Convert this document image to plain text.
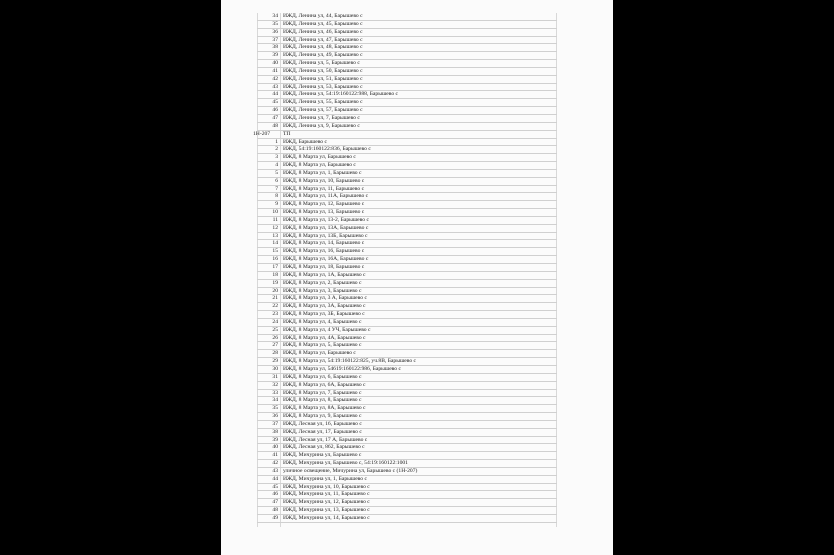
34 ИЖД, Ленина ул, 44, Барышево с
35 ИЖД, Ленина ул, 45, Барышево с
36 ИЖД, Ленина ул, 46, Барышево с
37 ИЖД, Ленина ул, 47, Барышево с
38 ИЖД, Ленина ул, 48, Барышево с
39 ИЖД, Ленина ул, 49, Барышево с
40 ИЖД, Ленина ул, 5, Барышево с
41 ИЖД, Ленина ул, 50, Барышево с
42 ИЖД, Ленина ул, 51, Барышево с
43 ИЖД, Ленина ул, 53, Барышево с
44 ИЖД, Ленина ул, 54:19:160122:988, Барышево с
45 ИЖД, Ленина ул, 55, Барышево с
46 ИЖД, Ленина ул, 57, Барышево с
47 ИЖД, Ленина ул, 7, Барышево с
48 ИЖД, Ленина ул, 9, Барышево с
1H-207	ТП
1 ИЖД, Барышево с
2 ИЖД, 54:19:160122:836, Барышево с
3 ИЖД, 8 Марта ул, Барышево с
4 ИЖД, 8 Марта ул, Барышево с
5 ИЖД, 8 Марта ул, 1, Барышево с
6 ИЖД, 8 Марта ул, 10, Барышево с
7 ИЖД, 8 Марта ул, 11, Барышево с
8 ИЖД, 8 Марта ул, 11А, Барышево с
9 ИЖД, 8 Марта ул, 12, Барышево с
10 ИЖД, 8 Марта ул, 13, Барышево с
11 ИЖД, 8 Марта ул, 13-2, Барышево с
12 ИЖД, 8 Марта ул, 13А, Барышево с
13 ИЖД, 8 Марта ул, 13Б, Барышево с
14 ИЖД, 8 Марта ул, 14, Барышево с
15 ИЖД, 8 Марта ул, 16, Барышево с
16 ИЖД, 8 Марта ул, 16А, Барышево с
17 ИЖД, 8 Марта ул, 18, Барышево с
18 ИЖД, 8 Марта ул, 1А, Барышево с
19 ИЖД, 8 Марта ул, 2, Барышево с
20 ИЖД, 8 Марта ул, 3, Барышево с
21 ИЖД, 8 Марта ул, 3 А, Барышево с
22 ИЖД, 8 Марта ул, 3А, Барышево с
23 ИЖД, 8 Марта ул, 3Б, Барышево с
24 ИЖД, 8 Марта ул, 4, Барышево с
25 ИЖД, 8 Марта ул, 4 УЧ, Барышево с
26 ИЖД, 8 Марта ул, 4А, Барышево с
27 ИЖД, 8 Марта ул, 5, Барышево с
28 ИЖД, 8 Марта ул, Барышево с
29 ИЖД, 8 Марта ул, 54:19:160122:825, уч.8В, Барышево с
30 ИЖД, 8 Марта ул, 54619:160122:986, Барышево с
31 ИЖД, 8 Марта ул, 6, Барышево с
32 ИЖД, 8 Марта ул, 6А, Барышево с
33 ИЖД, 8 Марта ул, 7, Барышево с
34 ИЖД, 8 Марта ул, 8, Барышево с
35 ИЖД, 8 Марта ул, 8А, Барышево с
36 ИЖД, 8 Марта ул, 9, Барышево с
37 ИЖД, Лесная ул, 16, Барышево с
38 ИЖД, Лесная ул, 17, Барышево с
39 ИЖД, Лесная ул, 17 А, Барышево с
40 ИЖД, Лесная ул, 862, Барышево с
41 ИЖД, Мичурина ул, Барышево с
42 ИЖД, Мичурина ул, Барышево с, 54:19:160122:1001
43 уличное освещение, Мичурина ул, Барышево с (1Н-207)
44 ИЖД, Мичурина ул, 1, Барышево с
45 ИЖД, Мичурина ул, 10, Барышево с
46 ИЖД, Мичурина ул, 11, Барышево с
47 ИЖД, Мичурина ул, 12, Барышево с
48 ИЖД, Мичурина ул, 13, Барышево с
49 ИЖД, Мичурина ул, 14, Барышево с
